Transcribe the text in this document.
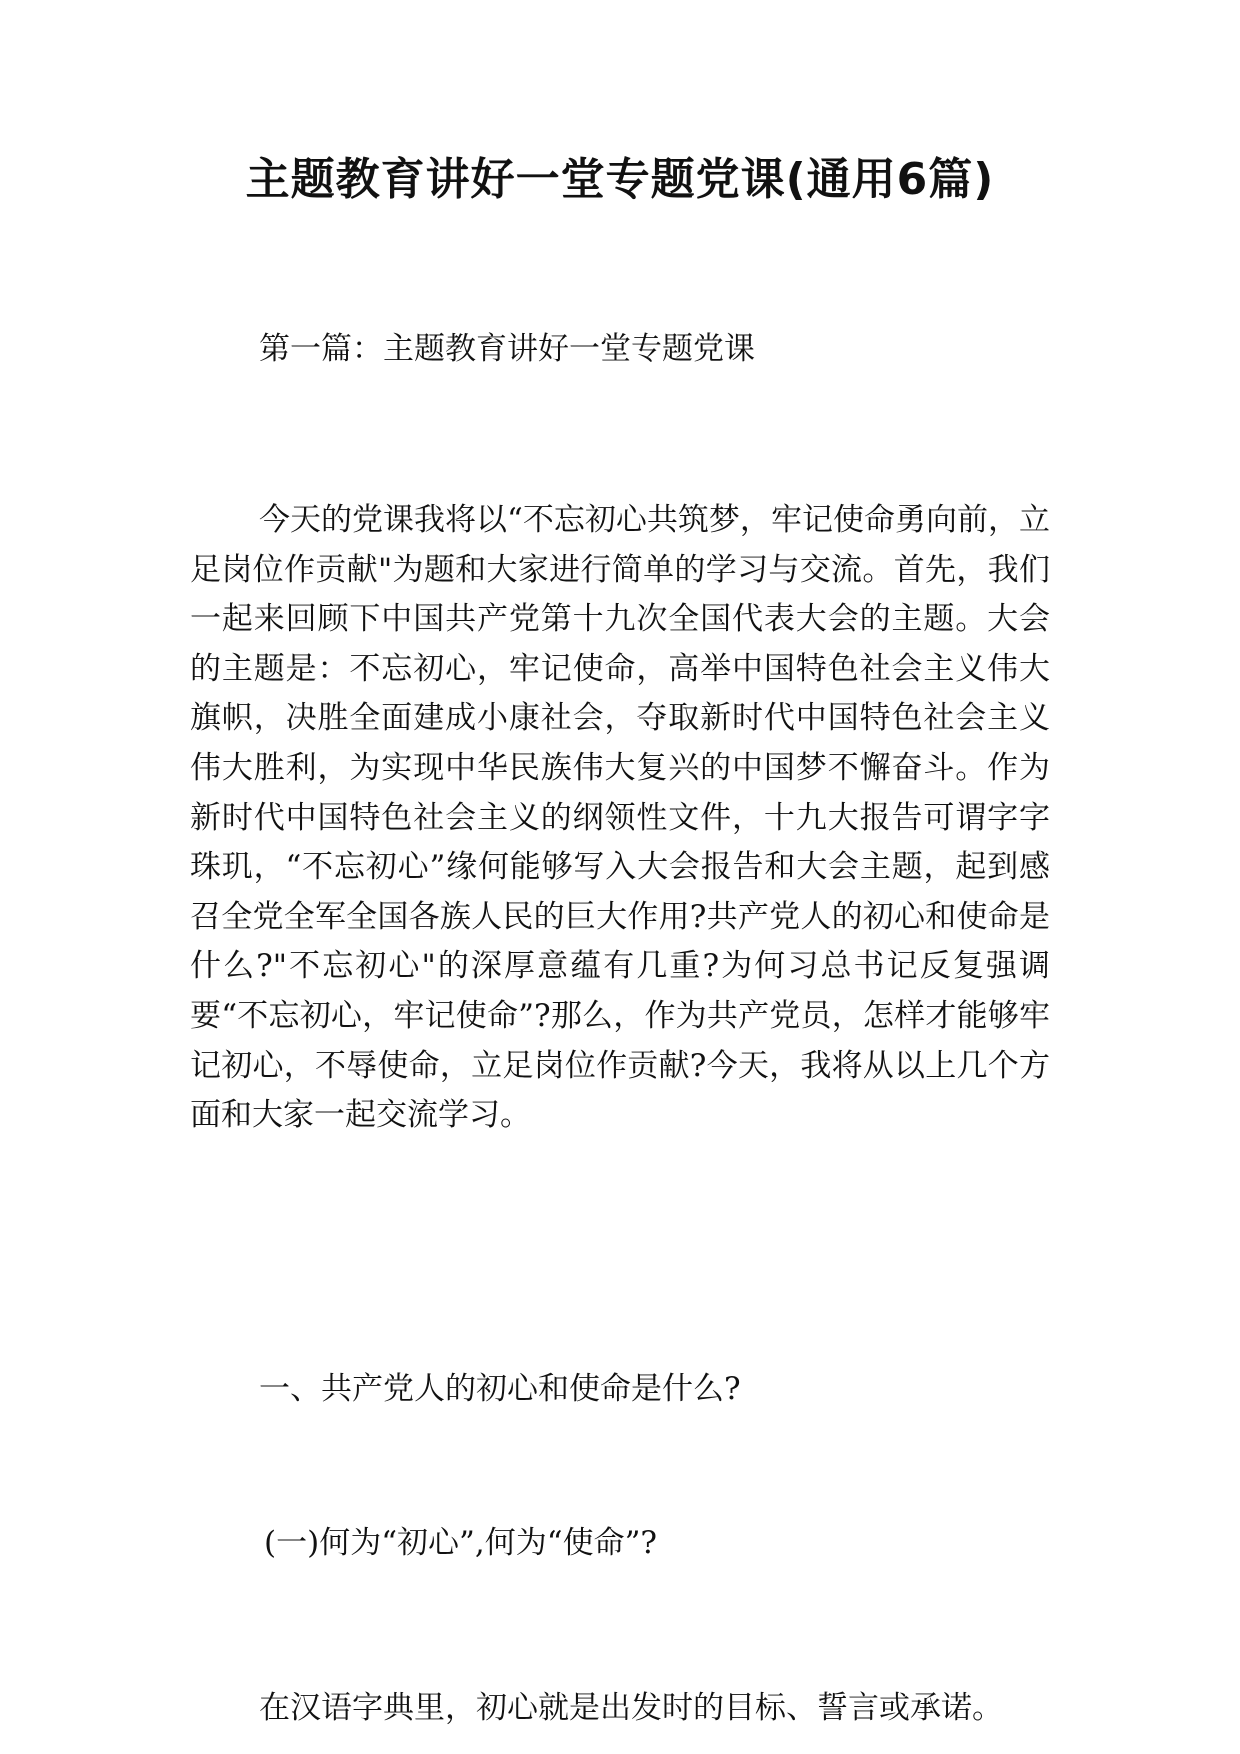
主题教育讲好一堂专题党课(通用6篇)

第一篇：主题教育讲好一堂专题党课

今天的党课我将以“不忘初心共筑梦，牢记使命勇向前，立足岗位作贡献"为题和大家进行简单的学习与交流。首先，我们一起来回顾下中国共产党第十九次全国代表大会的主题。大会的主题是：不忘初心，牢记使命，高举中国特色社会主义伟大旗帜，决胜全面建成小康社会，夺取新时代中国特色社会主义伟大胜利，为实现中华民族伟大复兴的中国梦不懈奋斗。作为新时代中国特色社会主义的纲领性文件，十九大报告可谓字字珠玑，“不忘初心”缘何能够写入大会报告和大会主题，起到感召全党全军全国各族人民的巨大作用?共产党人的初心和使命是什么?"不忘初心"的深厚意蕴有几重?为何习总书记反复强调要“不忘初心，牢记使命”?那么，作为共产党员，怎样才能够牢记初心，不辱使命，立足岗位作贡献?今天，我将从以上几个方面和大家一起交流学习。

一、共产党人的初心和使命是什么?

(一)何为“初心”,何为“使命”?

在汉语字典里，初心就是出发时的目标、誓言或承诺。
